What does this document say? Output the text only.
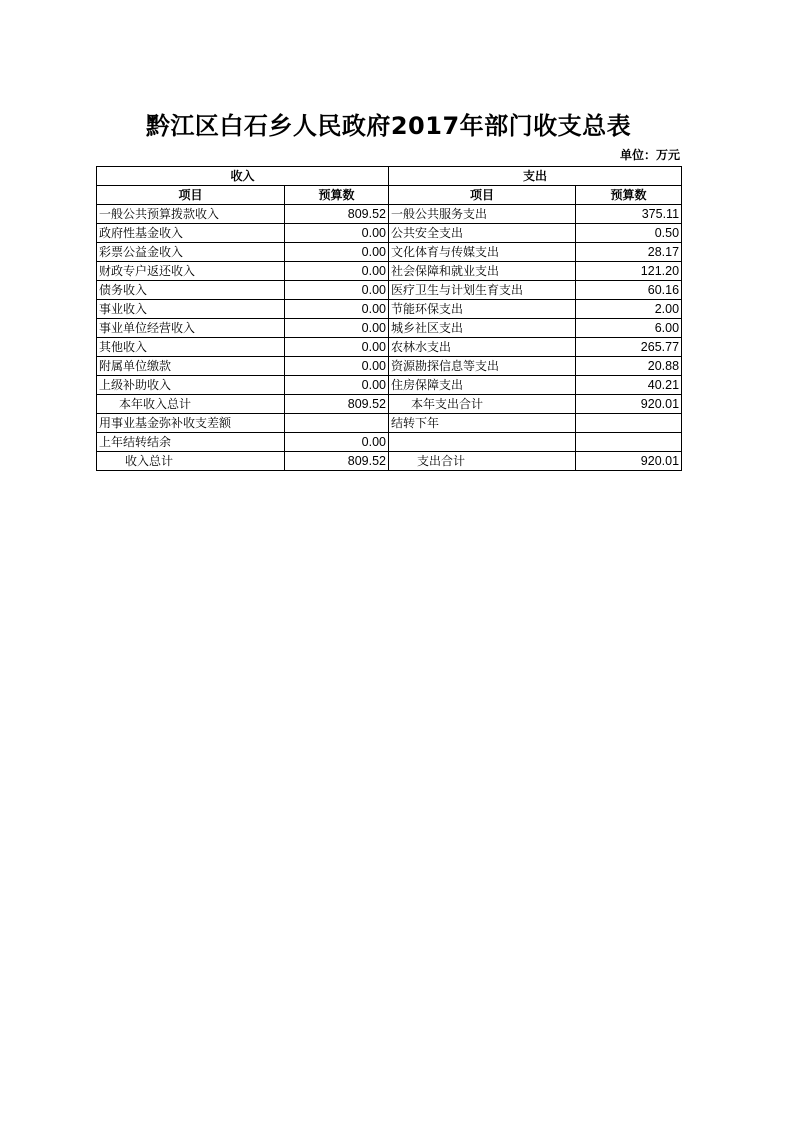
黔江区白石乡人民政府2017年部门收支总表
单位：万元
收入		支出	
项目	预算数	项目	预算数
一般公共预算拨款收入	809.52	一般公共服务支出	375.11
政府性基金收入	0.00	公共安全支出	0.50
彩票公益金收入	0.00	文化体育与传媒支出	28.17
财政专户返还收入	0.00	社会保障和就业支出	121.20
债务收入	0.00	医疗卫生与计划生育支出	60.16
事业收入	0.00	节能环保支出	2.00
事业单位经营收入	0.00	城乡社区支出	6.00
其他收入	0.00	农林水支出	265.77
附属单位缴款	0.00	资源勘探信息等支出	20.88
上级补助收入	0.00	住房保障支出	40.21
本年收入总计	809.52	本年支出合计	920.01
用事业基金弥补收支差额		结转下年	
上年结转结余	0.00		
收入总计	809.52	支出合计	920.01
